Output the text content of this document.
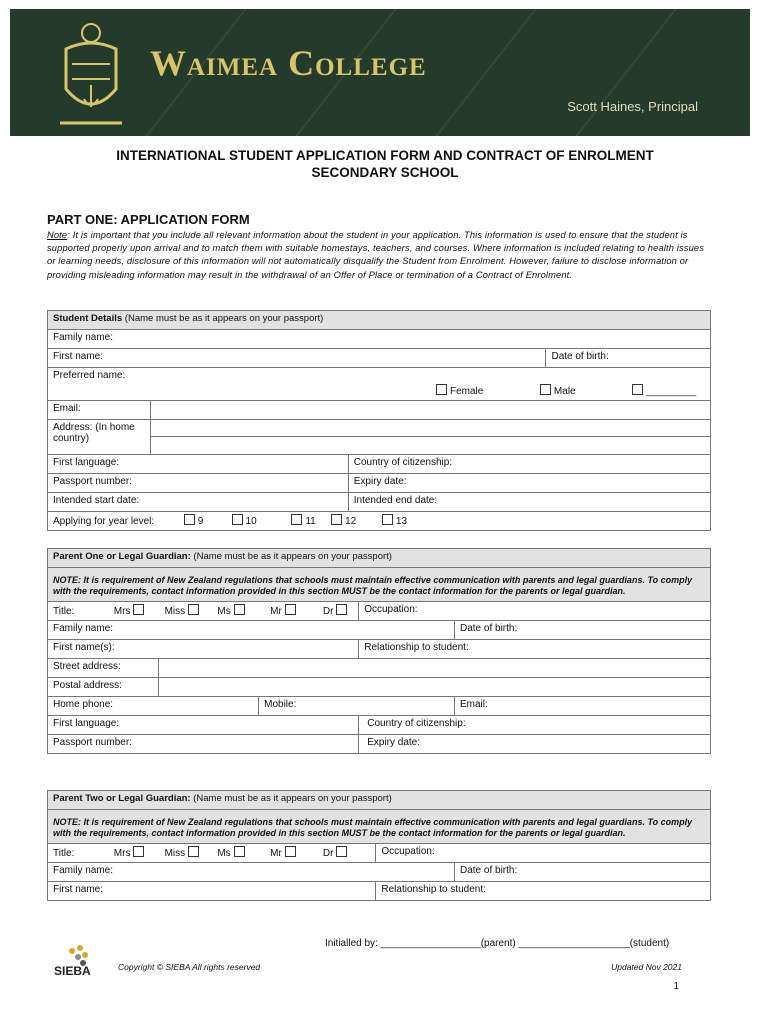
Waimea College
Scott Haines, Principal
INTERNATIONAL STUDENT APPLICATION FORM AND CONTRACT OF ENROLMENT
SECONDARY SCHOOL
PART ONE: APPLICATION FORM
Note: It is important that you include all relevant information about the student in your application. This information is used to ensure that the student is supported properly upon arrival and to match them with suitable homestays, teachers, and courses. Where information is included relating to health issues or learning needs, disclosure of this information will not automatically disqualify the Student from Enrolment. However, failure to disclose information or providing misleading information may result in the withdrawal of an Offer of Place or termination of a Contract of Enrolment.
Student Details (Name must be as it appears on your passport)			
Family name:			
First name:			Date of birth:

Preferred name:
Female Male _________			

Email:			
Address: (In home country)			

First language:		Country of citizenship:	
Passport number:		Expiry date:	
Intended start date:		Intended end date:	
Applying for year level: 9 10 11 12 13			
Parent One or Legal Guardian: (Name must be as it appears on your passport)				
NOTE: It is requirement of New Zealand regulations that schools must maintain effective communication with parents and legal guardians. To comply with the requirements, contact information provided in this section MUST be the contact information for the parents or legal guardian.				
Title: Mrs Miss Ms Mr Dr			Occupation:	
Family name:				Date of birth:
First name(s):			Relationship to student:	
Street address:				
Postal address:				
Home phone:		Mobile:		Email:
First language:			Country of citizenship:	
Passport number:			Expiry date:	
Parent Two or Legal Guardian: (Name must be as it appears on your passport)		
NOTE: It is requirement of New Zealand regulations that schools must maintain effective communication with parents and legal guardians. To comply with the requirements, contact information provided in this section MUST be the contact information for the parents or legal guardian.		
Title: Mrs Miss Ms Mr Dr	Occupation:	
Family name:		Date of birth:
First name:	Relationship to student:	
Initialled by: __________________(parent) ____________________(student)
SIEBA	Copyright © SIEBA All rights reserved	Updated Nov 2021
1
